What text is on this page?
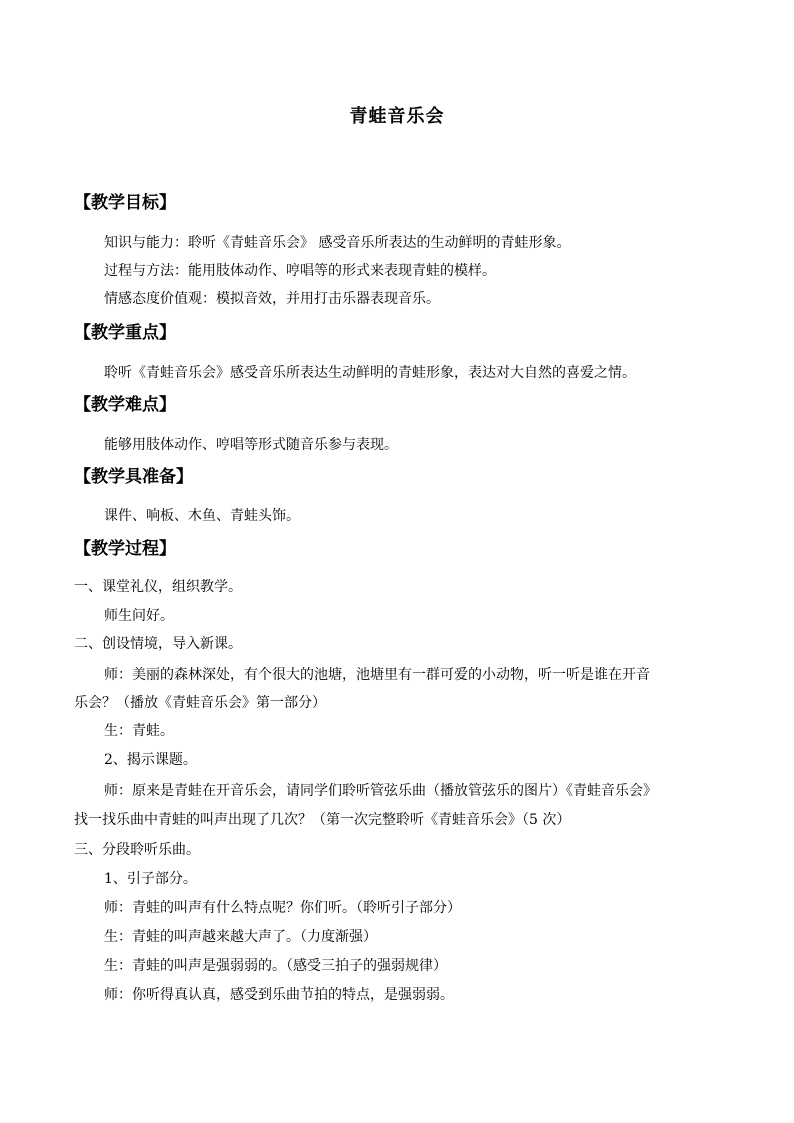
青蛙音乐会
【教学目标】
知识与能力：聆听《青蛙音乐会》 感受音乐所表达的生动鲜明的青蛙形象。
过程与方法：能用肢体动作、哼唱等的形式来表现青蛙的模样。
情感态度价值观：模拟音效，并用打击乐器表现音乐。
【教学重点】
聆听《青蛙音乐会》感受音乐所表达生动鲜明的青蛙形象，表达对大自然的喜爱之情。
【教学难点】
能够用肢体动作、哼唱等形式随音乐参与表现。
【教学具准备】
课件、响板、木鱼、青蛙头饰。
【教学过程】
一、课堂礼仪，组织教学。
师生问好。
二、创设情境，导入新课。
师：美丽的森林深处，有个很大的池塘，池塘里有一群可爱的小动物，听一听是谁在开音
乐会？（播放《青蛙音乐会》第一部分）
生：青蛙。
2、揭示课题。
师：原来是青蛙在开音乐会，请同学们聆听管弦乐曲（播放管弦乐的图片）《青蛙音乐会》
找一找乐曲中青蛙的叫声出现了几次？（第一次完整聆听《青蛙音乐会》（5 次）
三、分段聆听乐曲。
1、引子部分。
师：青蛙的叫声有什么特点呢？你们听。（聆听引子部分）
生：青蛙的叫声越来越大声了。（力度渐强）
生：青蛙的叫声是强弱弱的。（感受三拍子的强弱规律）
师：你听得真认真，感受到乐曲节拍的特点，是强弱弱。
